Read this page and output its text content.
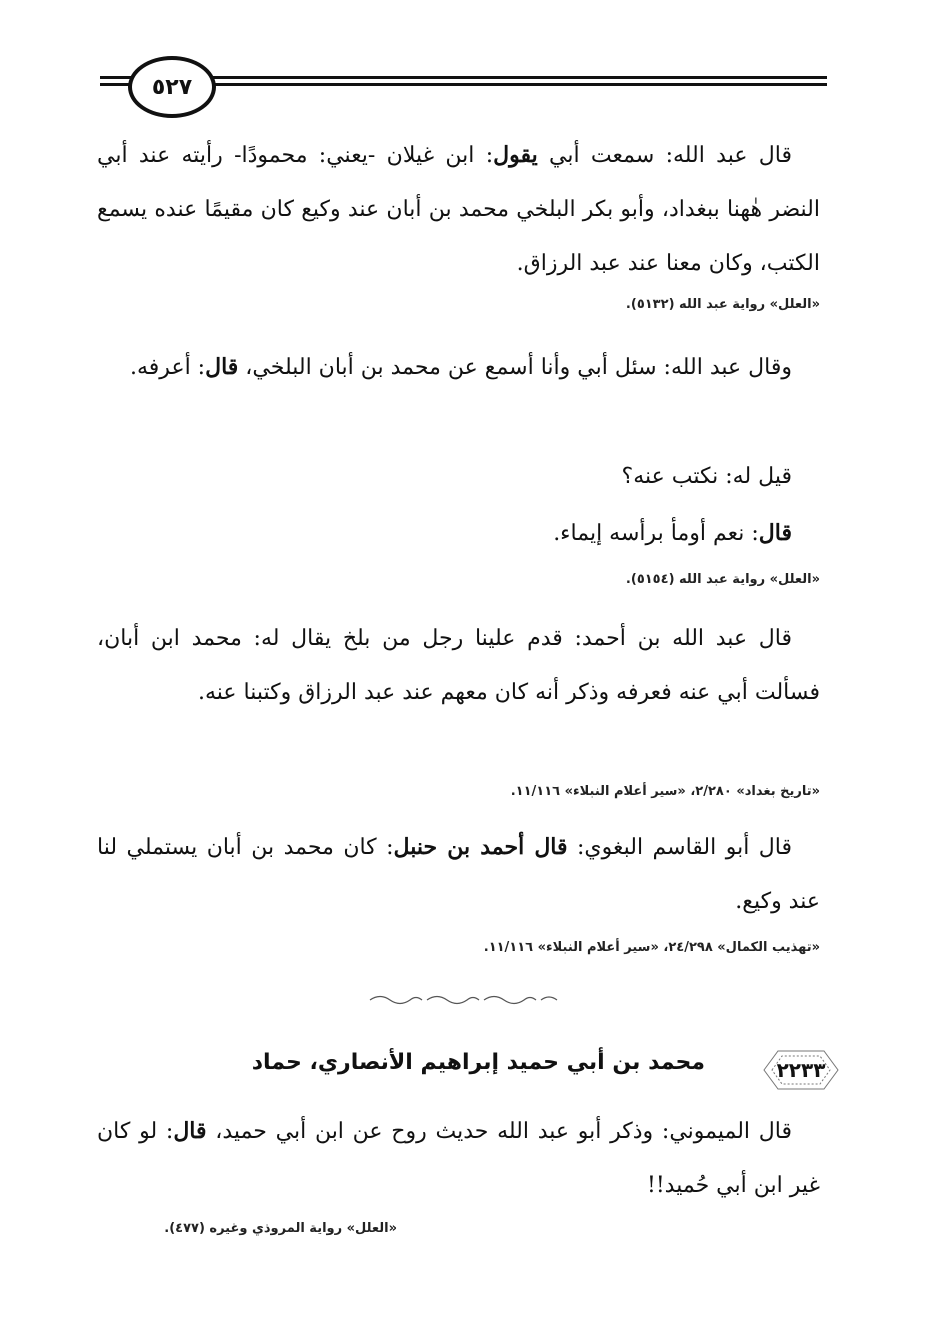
٥٢٧

قال عبد الله: سمعت أبي يقول: ابن غيلان -يعني: محمودًا- رأيته عند أبي النضر هٰهنا ببغداد، وأبو بكر البلخي محمد بن أبان عند وكيع كان مقيمًا عنده يسمع الكتب، وكان معنا عند عبد الرزاق.

«العلل» رواية عبد الله (٥١٣٢).

وقال عبد الله: سئل أبي وأنا أسمع عن محمد بن أبان البلخي، قال: أعرفه.

قيل له: نكتب عنه؟

قال: نعم أومأ برأسه إيماء.

«العلل» رواية عبد الله (٥١٥٤).

قال عبد الله بن أحمد: قدم علينا رجل من بلخ يقال له: محمد ابن أبان، فسألت أبي عنه فعرفه وذكر أنه كان معهم عند عبد الرزاق وكتبنا عنه.

«تاريخ بغداد» ٢/٢٨٠، «سير أعلام النبلاء» ١١/١١٦.

قال أبو القاسم البغوي: قال أحمد بن حنبل: كان محمد بن أبان يستملي لنا عند وكيع.

«تهذيب الكمال» ٢٤/٢٩٨، «سير أعلام النبلاء» ١١/١١٦.
٢٢٣٣
محمد بن أبي حميد إبراهيم الأنصاري، حماد

قال الميموني: وذكر أبو عبد الله حديث روح عن ابن أبي حميد، قال: لو كان غير ابن أبي حُميد!!

«العلل» رواية المروذي وغيره (٤٧٧).
